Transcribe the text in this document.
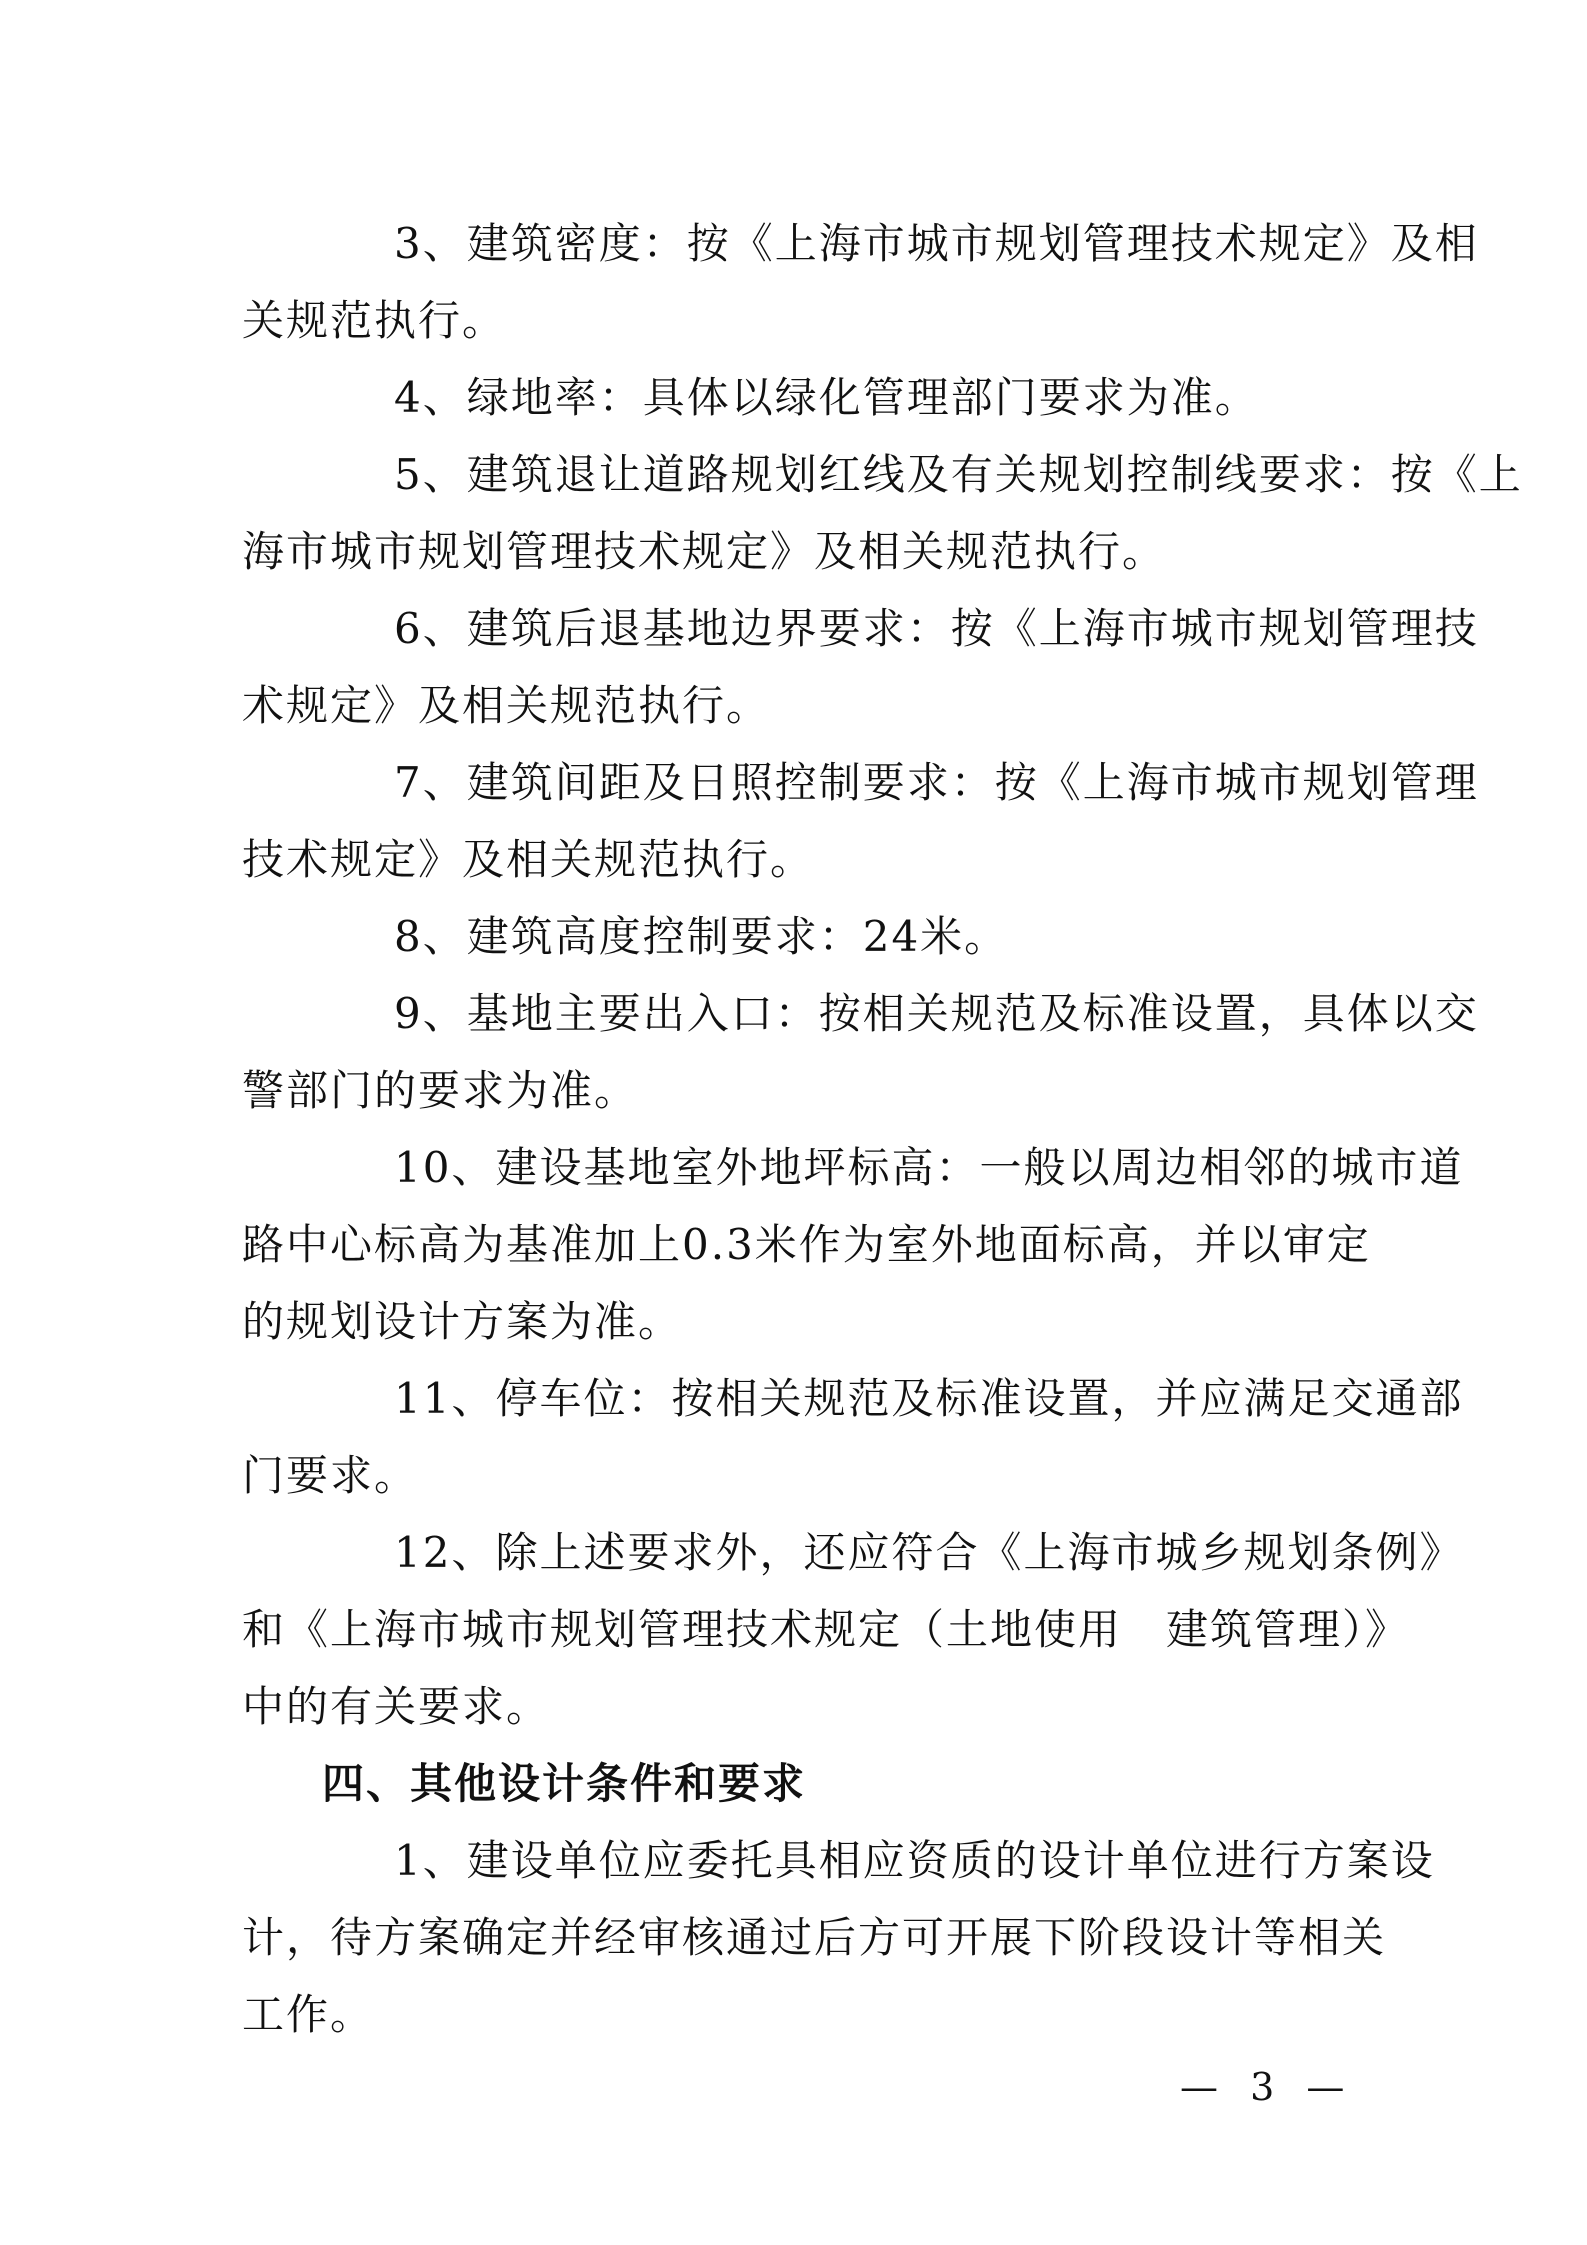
3、建筑密度：按《上海市城市规划管理技术规定》及相
关规范执行。

4、绿地率：具体以绿化管理部门要求为准。

5、建筑退让道路规划红线及有关规划控制线要求：按《上
海市城市规划管理技术规定》及相关规范执行。

6、建筑后退基地边界要求：按《上海市城市规划管理技
术规定》及相关规范执行。

7、建筑间距及日照控制要求：按《上海市城市规划管理
技术规定》及相关规范执行。

8、建筑高度控制要求：24米。

9、基地主要出入口：按相关规范及标准设置，具体以交
警部门的要求为准。

10、建设基地室外地坪标高：一般以周边相邻的城市道
路中心标高为基准加上0.3米作为室外地面标高，并以审定
的规划设计方案为准。

11、停车位：按相关规范及标准设置，并应满足交通部
门要求。

12、除上述要求外，还应符合《上海市城乡规划条例》
和《上海市城市规划管理技术规定（土地使用　建筑管理）》
中的有关要求。

四、其他设计条件和要求

1、建设单位应委托具相应资质的设计单位进行方案设
计，待方案确定并经审核通过后方可开展下阶段设计等相关
工作。

— 3 —
